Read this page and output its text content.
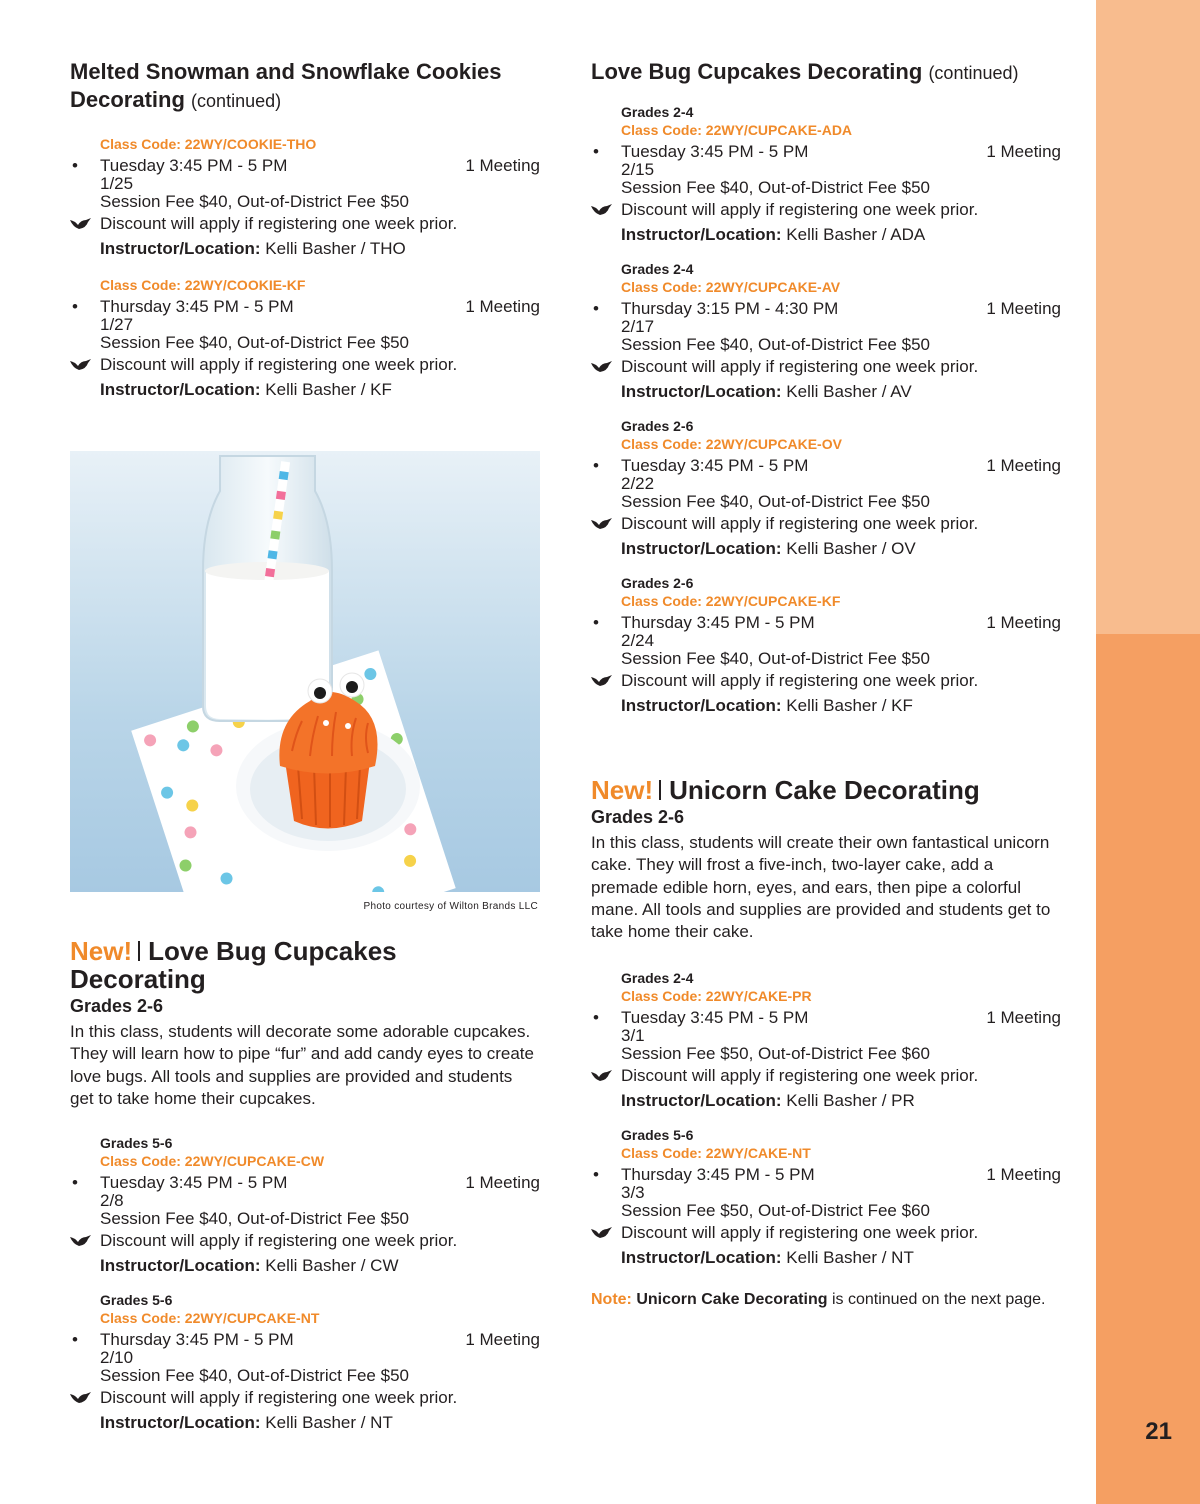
21
Melted Snowman and Snowflake Cookies
Decorating (continued)
Class Code: 22WY/COOKIE-THO
• Tuesday 3:45 PM - 5 PM	1 Meeting
1/25
Session Fee $40, Out-of-District Fee $50
Discount will apply if registering one week prior.
Instructor/Location: Kelli Basher / THO
Class Code: 22WY/COOKIE-KF
• Thursday 3:45 PM - 5 PM	1 Meeting
1/27
Session Fee $40, Out-of-District Fee $50
Discount will apply if registering one week prior.
Instructor/Location: Kelli Basher / KF
Photo courtesy of Wilton Brands LLC
New! Love Bug Cupcakes
Decorating
Grades 2-6
In this class, students will decorate some adorable cupcakes. They will learn how to pipe “fur” and add candy eyes to create love bugs. All tools and supplies are provided and students get to take home their cupcakes.
Grades 5-6
Class Code: 22WY/CUPCAKE-CW
• Tuesday 3:45 PM - 5 PM	1 Meeting
2/8
Session Fee $40, Out-of-District Fee $50
Discount will apply if registering one week prior.
Instructor/Location: Kelli Basher / CW
Grades 5-6
Class Code: 22WY/CUPCAKE-NT
• Thursday 3:45 PM - 5 PM	1 Meeting
2/10
Session Fee $40, Out-of-District Fee $50
Discount will apply if registering one week prior.
Instructor/Location: Kelli Basher / NT
Love Bug Cupcakes Decorating (continued)
Grades 2-4
Class Code: 22WY/CUPCAKE-ADA
• Tuesday 3:45 PM - 5 PM	1 Meeting
2/15
Session Fee $40, Out-of-District Fee $50
Discount will apply if registering one week prior.
Instructor/Location: Kelli Basher / ADA
Grades 2-4
Class Code: 22WY/CUPCAKE-AV
• Thursday 3:15 PM - 4:30 PM	1 Meeting
2/17
Session Fee $40, Out-of-District Fee $50
Discount will apply if registering one week prior.
Instructor/Location: Kelli Basher / AV
Grades 2-6
Class Code: 22WY/CUPCAKE-OV
• Tuesday 3:45 PM - 5 PM	1 Meeting
2/22
Session Fee $40, Out-of-District Fee $50
Discount will apply if registering one week prior.
Instructor/Location: Kelli Basher / OV
Grades 2-6
Class Code: 22WY/CUPCAKE-KF
• Thursday 3:45 PM - 5 PM	1 Meeting
2/24
Session Fee $40, Out-of-District Fee $50
Discount will apply if registering one week prior.
Instructor/Location: Kelli Basher / KF
New! Unicorn Cake Decorating
Grades 2-6
In this class, students will create their own fantastical unicorn cake. They will frost a five-inch, two-layer cake, add a premade edible horn, eyes, and ears, then pipe a colorful mane. All tools and supplies are provided and students get to take home their cake.
Grades 2-4
Class Code: 22WY/CAKE-PR
• Tuesday 3:45 PM - 5 PM	1 Meeting
3/1
Session Fee $50, Out-of-District Fee $60
Discount will apply if registering one week prior.
Instructor/Location: Kelli Basher / PR
Grades 5-6
Class Code: 22WY/CAKE-NT
• Thursday 3:45 PM - 5 PM	1 Meeting
3/3
Session Fee $50, Out-of-District Fee $60
Discount will apply if registering one week prior.
Instructor/Location: Kelli Basher / NT
Note: Unicorn Cake Decorating is continued on the next page.
